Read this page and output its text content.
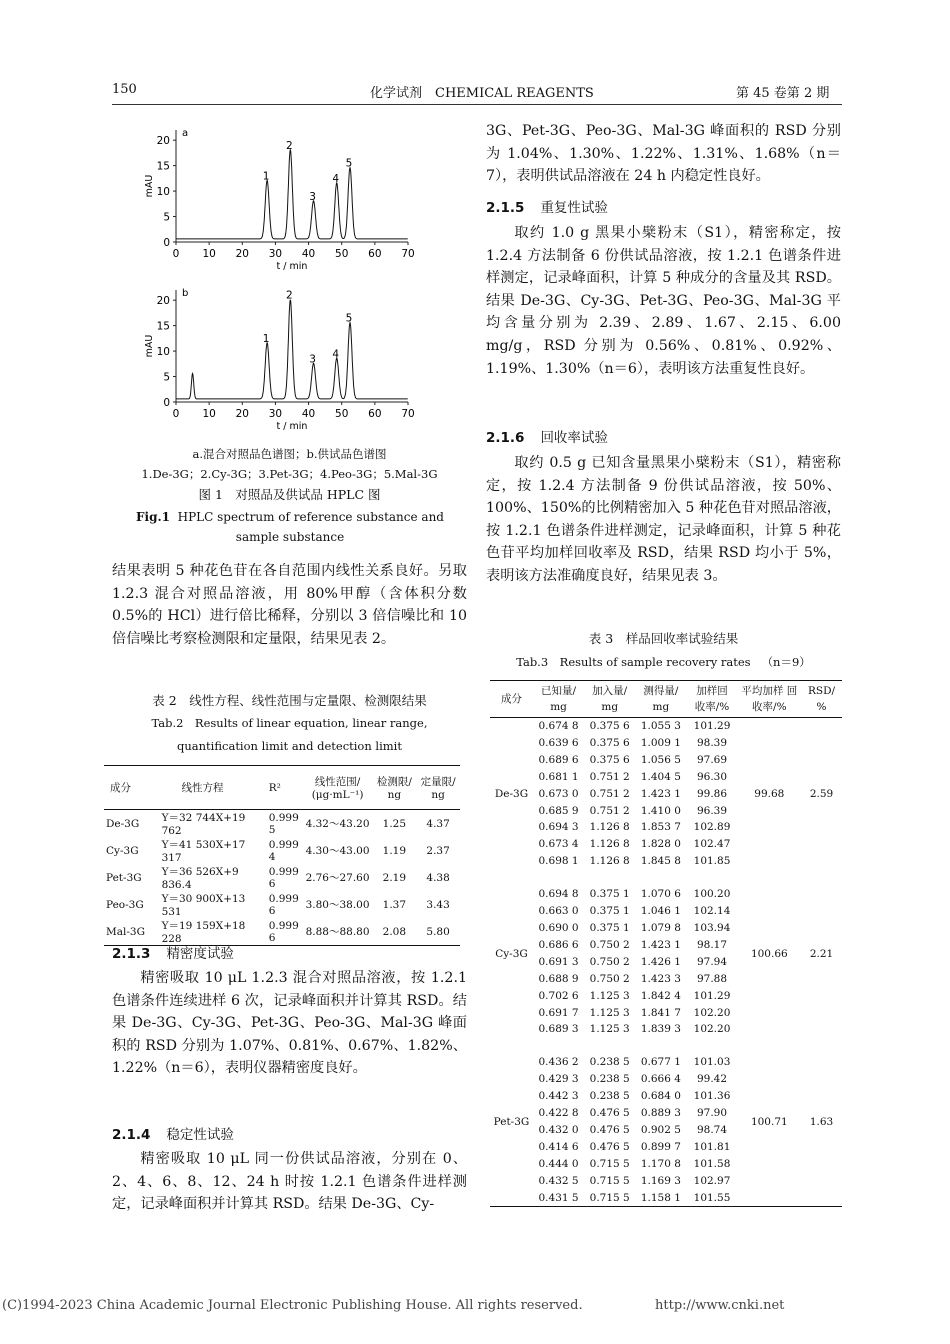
150	化学试剂　CHEMICAL REAGENTS	第 45 卷第 2 期
0
5
10
15
20
0 10 20 30 40 50 60 70
t / min
mAU
a
1
2
3
4
5
0
5
10
15
20
0 10 20 30 40 50 60 70
t / min
mAU
b
1
2
3 4
5
a.混合对照品色谱图；b.供试品色谱图
1.De-3G；2.Cy-3G；3.Pet-3G；4.Peo-3G；5.Mal-3G
图 1　对照品及供试品 HPLC 图
Fig.1 HPLC spectrum of reference substance and sample substance
结果表明 5 种花色苷在各自范围内线性关系良好。另取 1.2.3 混合对照品溶液，用 80%甲醇（含体积分数 0.5%的 HCl）进行倍比稀释，分别以 3 倍信噪比和 10 倍信噪比考察检测限和定量限，结果见表 2。
表 2　线性方程、线性范围与定量限、检测限结果
Tab.2　Results of linear equation, linear range,
quantification limit and detection limit
成分	线性方程	R²	线性范围/ (μg·mL⁻¹)	检测限/ ng	定量限/ ng
De-3G	Y＝32 744X+19 762	0.999 5	4.32～43.20	1.25	4.37
Cy-3G	Y＝41 530X+17 317	0.999 4	4.30～43.00	1.19	2.37
Pet-3G	Y＝36 526X+9 836.4	0.999 6	2.76～27.60	2.19	4.38
Peo-3G	Y＝30 900X+13 531	0.999 6	3.80～38.00	1.37	3.43
Mal-3G	Y＝19 159X+18 228	0.999 6	8.88～88.80	2.08	5.80
2.1.3 精密度试验
精密吸取 10 μL 1.2.3 混合对照品溶液，按 1.2.1 色谱条件连续进样 6 次，记录峰面积并计算其 RSD。结果 De-3G、Cy-3G、Pet-3G、Peo-3G、Mal-3G 峰面积的 RSD 分别为 1.07%、0.81%、0.67%、1.82%、1.22%（n＝6），表明仪器精密度良好。
2.1.4 稳定性试验
精密吸取 10 μL 同一份供试品溶液，分别在 0、2、4、6、8、12、24 h 时按 1.2.1 色谱条件进样测定，记录峰面积并计算其 RSD。结果 De-3G、Cy-
3G、Pet-3G、Peo-3G、Mal-3G 峰面积的 RSD 分别为 1.04%、1.30%、1.22%、1.31%、1.68%（n＝7），表明供试品溶液在 24 h 内稳定性良好。
2.1.5 重复性试验
取约 1.0 g 黑果小檗粉末（S1），精密称定，按 1.2.4 方法制备 6 份供试品溶液，按 1.2.1 色谱条件进样测定，记录峰面积，计算 5 种成分的含量及其 RSD。结果 De-3G、Cy-3G、Pet-3G、Peo-3G、Mal-3G 平均含量分别为 2.39、2.89、1.67、2.15、6.00 mg/g，RSD 分别为 0.56%、0.81%、0.92%、1.19%、1.30%（n＝6），表明该方法重复性良好。
2.1.6 回收率试验
取约 0.5 g 已知含量黑果小檗粉末（S1），精密称定，按 1.2.4 方法制备 9 份供试品溶液，按 50%、100%、150%的比例精密加入 5 种花色苷对照品溶液，按 1.2.1 色谱条件进样测定，记录峰面积，计算 5 种花色苷平均加样回收率及 RSD，结果 RSD 均小于 5%，表明该方法准确度良好，结果见表 3。
表 3　样品回收率试验结果
Tab.3　Results of sample recovery rates （n＝9）
成分	已知量/ mg	加入量/ mg	测得量/ mg	加样回 收率/%	平均加样 回收率/%	RSD/ %
De-3G	0.674 8	0.375 6	1.055 3	101.29	99.68	2.59
	0.639 6	0.375 6	1.009 1	98.39		
	0.689 6	0.375 6	1.056 5	97.69		
	0.681 1	0.751 2	1.404 5	96.30		
	0.673 0	0.751 2	1.423 1	99.86		
	0.685 9	0.751 2	1.410 0	96.39		
	0.694 3	1.126 8	1.853 7	102.89		
	0.673 4	1.126 8	1.828 0	102.47		
	0.698 1	1.126 8	1.845 8	101.85		
Cy-3G	0.694 8	0.375 1	1.070 6	100.20	100.66	2.21
	0.663 0	0.375 1	1.046 1	102.14		
	0.690 0	0.375 1	1.079 8	103.94		
	0.686 6	0.750 2	1.423 1	98.17		
	0.691 3	0.750 2	1.426 1	97.94		
	0.688 9	0.750 2	1.423 3	97.88		
	0.702 6	1.125 3	1.842 4	101.29		
	0.691 7	1.125 3	1.841 7	102.20		
	0.689 3	1.125 3	1.839 3	102.20		
Pet-3G	0.436 2	0.238 5	0.677 1	101.03	100.71	1.63
	0.429 3	0.238 5	0.666 4	99.42		
	0.442 3	0.238 5	0.684 0	101.36		
	0.422 8	0.476 5	0.889 3	97.90		
	0.432 0	0.476 5	0.902 5	98.74		
	0.414 6	0.476 5	0.899 7	101.81		
	0.444 0	0.715 5	1.170 8	101.58		
	0.432 5	0.715 5	1.169 3	102.97		
	0.431 5	0.715 5	1.158 1	101.55		
(C)1994-2023 China Academic Journal Electronic Publishing House. All rights reserved.	http://www.cnki.net
